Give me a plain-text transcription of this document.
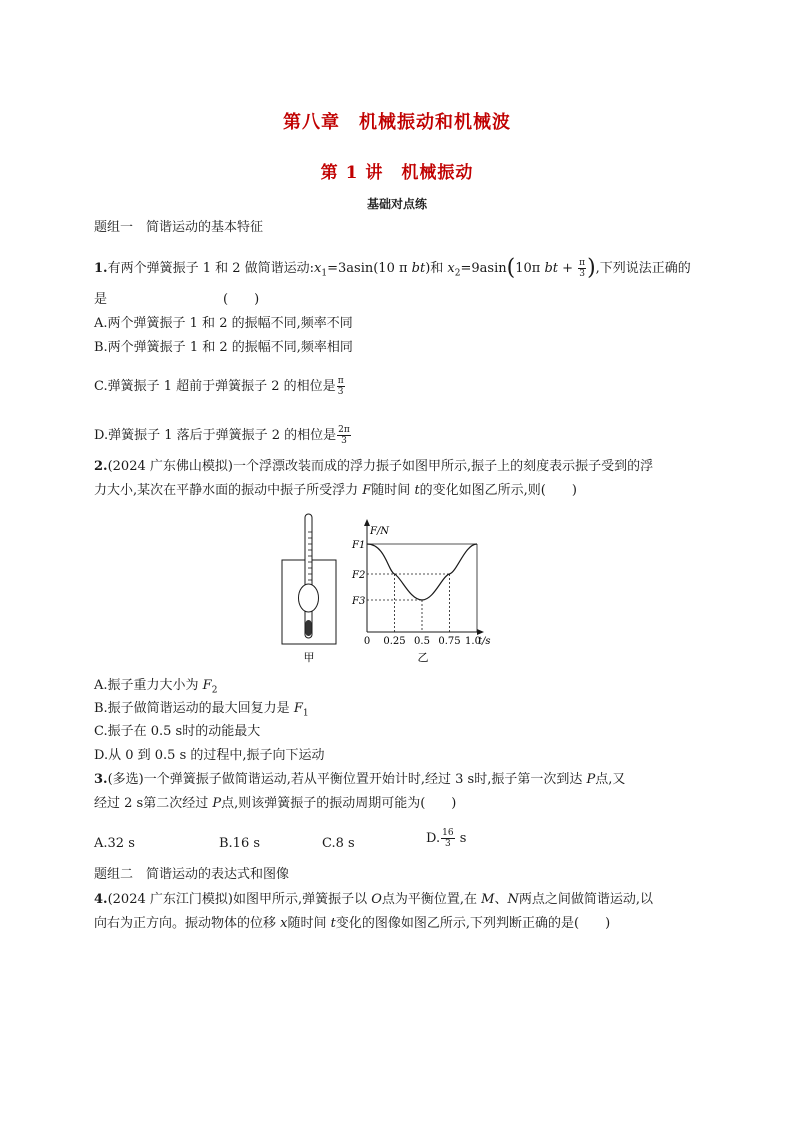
第八章　机械振动和机械波
第 1 讲　机械振动
基础对点练
题组一　简谐运动的基本特征
1.有两个弹簧振子 1 和 2 做简谐运动$:x_1=3asin(10$ π bt)和 $x_2=9asin(10\pi$ bt + $\frac{\pi}{3}$ ),下列说法正确的
是	(　　)
A.两个弹簧振子 1 和 2 的振幅不同,频率不同
B.两个弹簧振子 1 和 2 的振幅不同,频率相同
C.弹簧振子 1 超前于弹簧振子 2 的相位是 $\frac{\pi}{3}$
D.弹簧振子 1 落后于弹簧振子 2 的相位是 $\frac{2\pi}{3}$
2.(2024 广东佛山模拟)一个浮漂改装而成的浮力振子如图甲所示,振子上的刻度表示振子受到的浮
力大小,某次在平静水面的振动中振子所受浮力 F随时间 t的变化如图乙所示,则(　　)
甲
F/N
t/s
F1
F2
F3
0 0.25 0.5 0.75 1.0
乙
A.振子重力大小为 $F_2$
B.振子做简谐运动的最大回复力是 $F_1$
C.振子在 0.5 s时的动能最大
D.从 0 到 0.5 s 的过程中,振子向下运动
3.(多选)一个弹簧振子做简谐运动,若从平衡位置开始计时,经过 3 s时,振子第一次到达 P点,又
经过 2 s第二次经过 P点,则该弹簧振子的振动周期可能为(　　)
A.32 s	B.16 s	C.8 s	D. $\frac{16}{3}$ s
题组二　简谐运动的表达式和图像
4.(2024 广东江门模拟)如图甲所示,弹簧振子以 O点为平衡位置,在 M、N两点之间做简谐运动,以
向右为正方向。振动物体的位移 x随时间 t变化的图像如图乙所示,下列判断正确的是(　　)
